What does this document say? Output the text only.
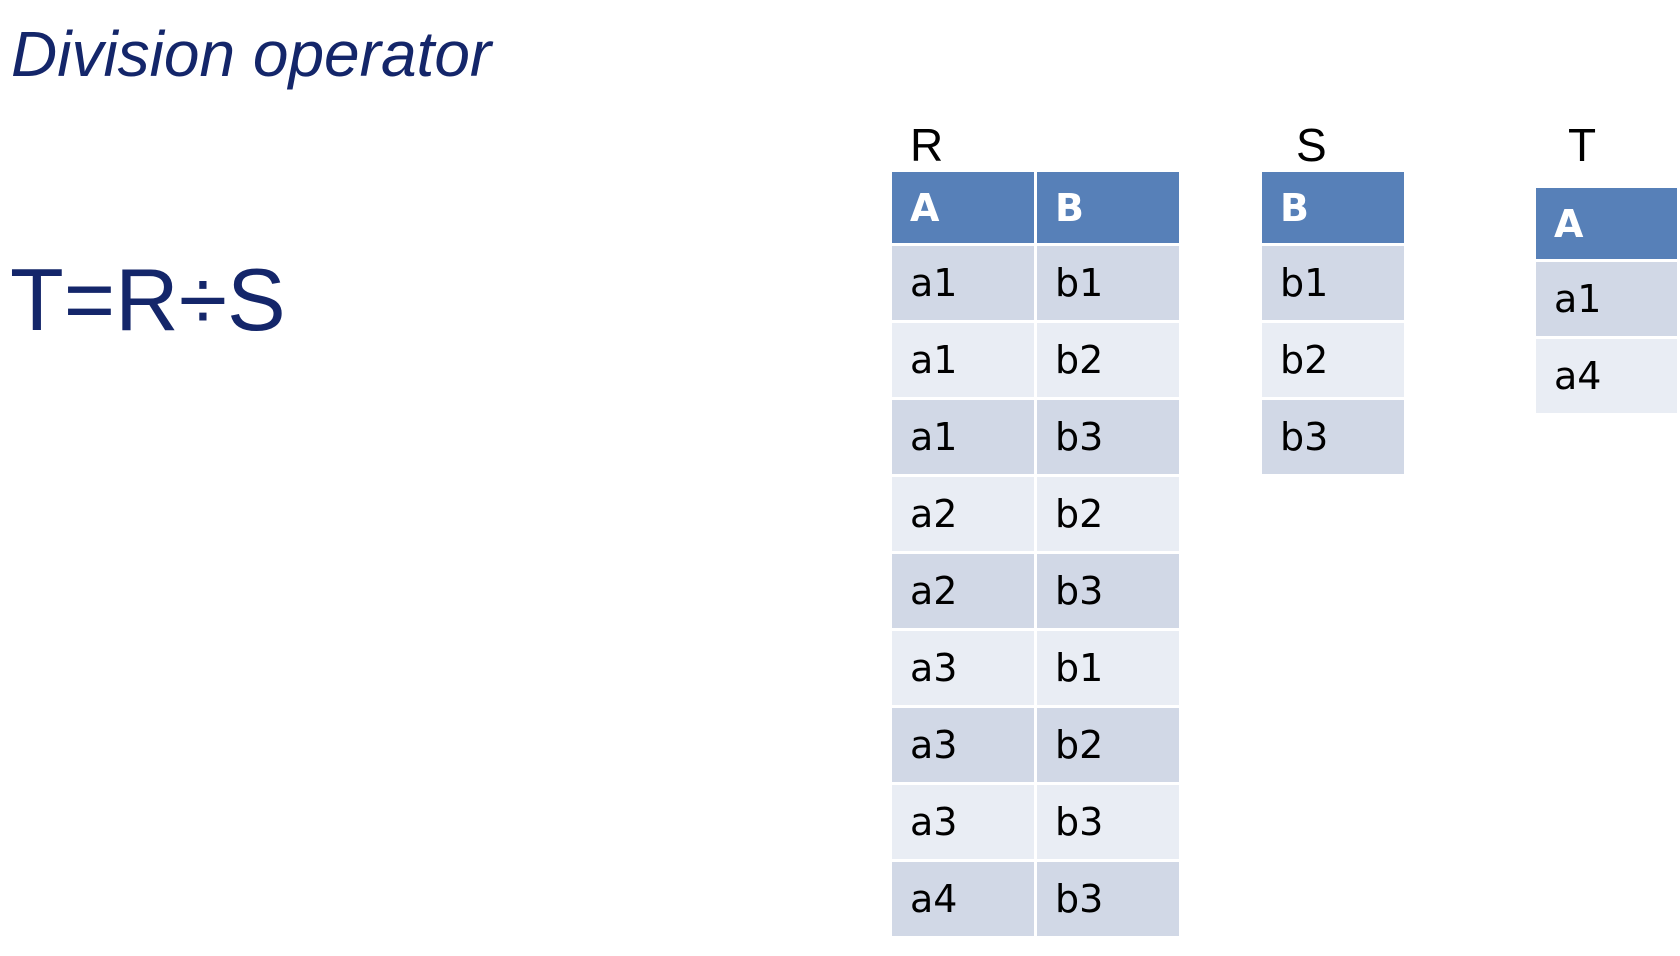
Division operator
T=R÷S
R	S	T
A	B
a1	b1
a1	b2
a1	b3
a2	b2
a2	b3
a3	b1
a3	b2
a3	b3
a4	b3
B
b1
b2
b3
A
a1
a4
